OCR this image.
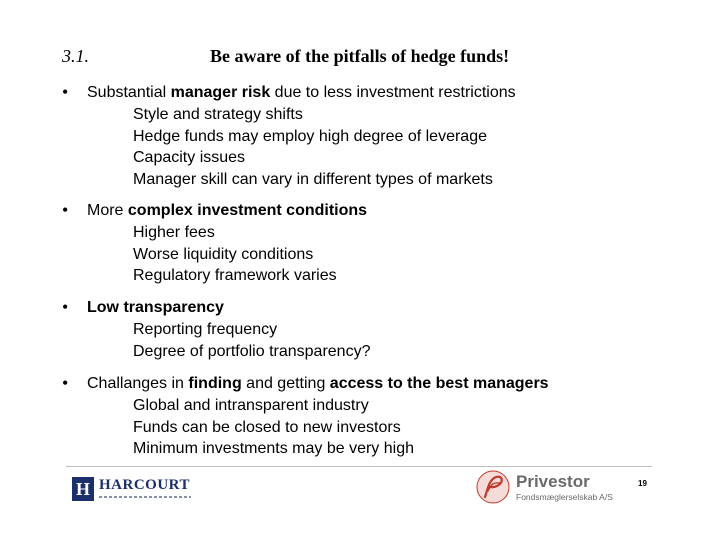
3.1.	Be aware of the pitfalls of hedge funds!
• Substantial manager risk due to less investment restrictions
Style and strategy shifts
Hedge funds may employ high degree of leverage
Capacity issues
Manager skill can vary in different types of markets
• More complex investment conditions
Higher fees
Worse liquidity conditions
Regulatory framework varies
• Low transparency
Reporting frequency
Degree of portfolio transparency?
• Challanges in finding and getting access to the best managers
Global and intransparent industry
Funds can be closed to new investors
Minimum investments may be very high
H HARCOURT	Privestor
Fondsmæglerselskab A/S
19
